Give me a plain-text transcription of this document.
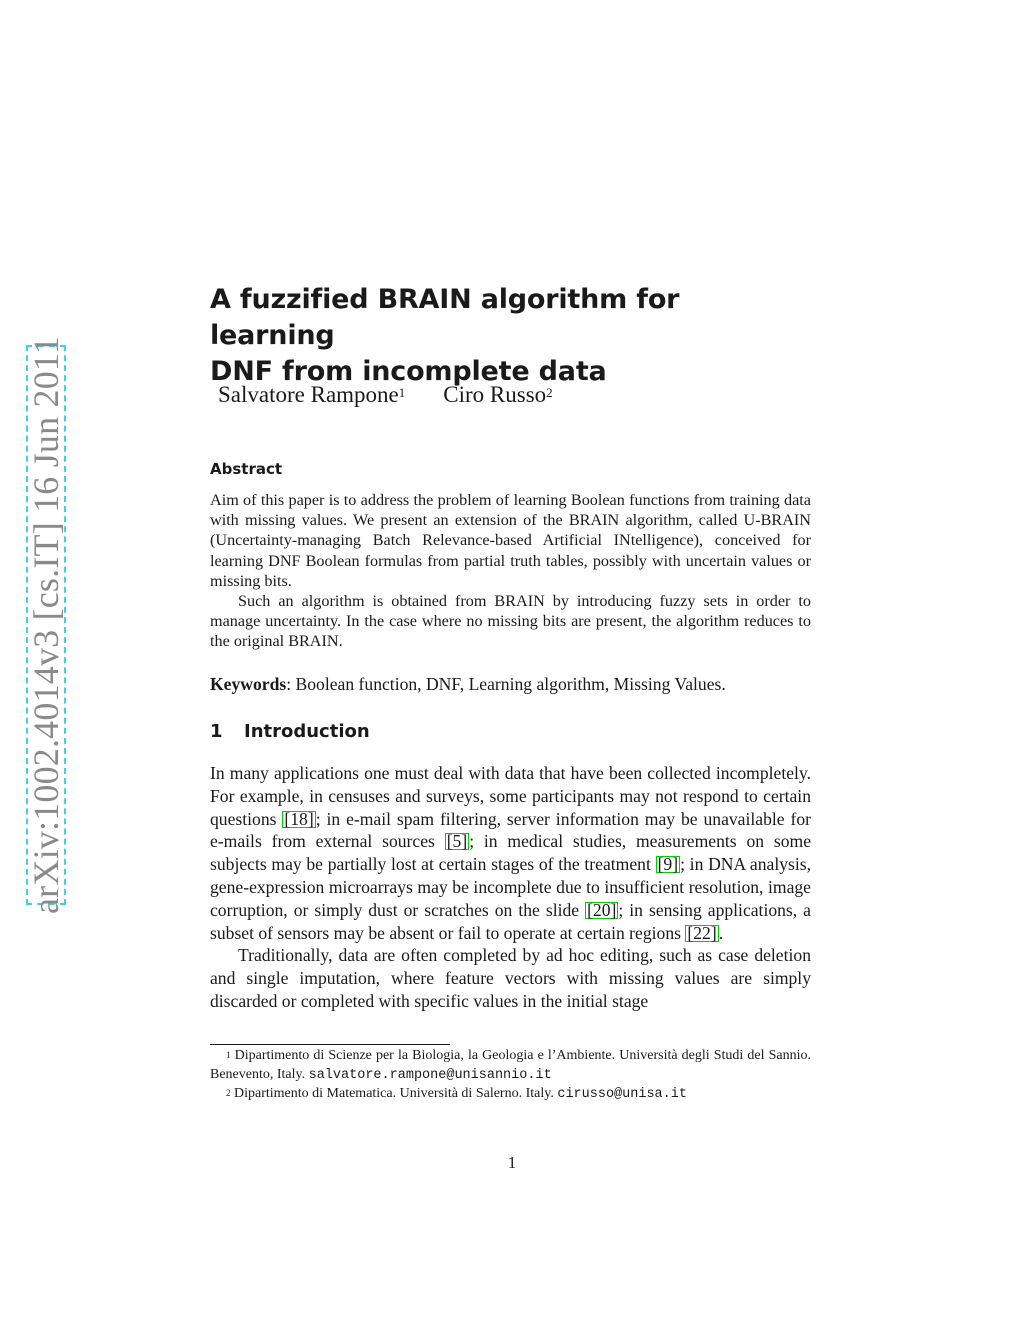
arXiv:1002.4014v3 [cs.IT] 16 Jun 2011
A fuzzified BRAIN algorithm for learning
DNF from incomplete data
Salvatore Rampone$^1$ Ciro Russo$^2$
Abstract

Aim of this paper is to address the problem of learning Boolean functions from training data with missing values. We present an extension of the BRAIN algorithm, called U-BRAIN (Uncertainty-managing Batch Relevance-based Artificial INtelligence), conceived for learning DNF Boolean formulas from partial truth tables, possibly with uncertain values or missing bits.

Such an algorithm is obtained from BRAIN by introducing fuzzy sets in order to manage uncertainty. In the case where no missing bits are present, the algorithm reduces to the original BRAIN.

Keywords: Boolean function, DNF, Learning algorithm, Missing Values.
1 Introduction

In many applications one must deal with data that have been collected incompletely. For example, in censuses and surveys, some participants may not respond to certain questions [18] ; in e-mail spam filtering, server information may be unavailable for e-mails from external sources [5] ; in medical studies, measurements on some subjects may be partially lost at certain stages of the treatment [9] ; in DNA analysis, gene-expression microarrays may be incomplete due to insufficient resolution, image corruption, or simply dust or scratches on the slide [20] ; in sensing applications, a subset of sensors may be absent or fail to operate at certain regions [22] .

Traditionally, data are often completed by ad hoc editing, such as case deletion and single imputation, where feature vectors with missing values are simply discarded or completed with specific values in the initial stage

$^1$ Dipartimento di Scienze per la Biologia, la Geologia e l’Ambiente. Università degli Studi del Sannio. Benevento, Italy. salvatore.rampone@unisannio.it

$^2$ Dipartimento di Matematica. Università di Salerno. Italy. cirusso@unisa.it

1
